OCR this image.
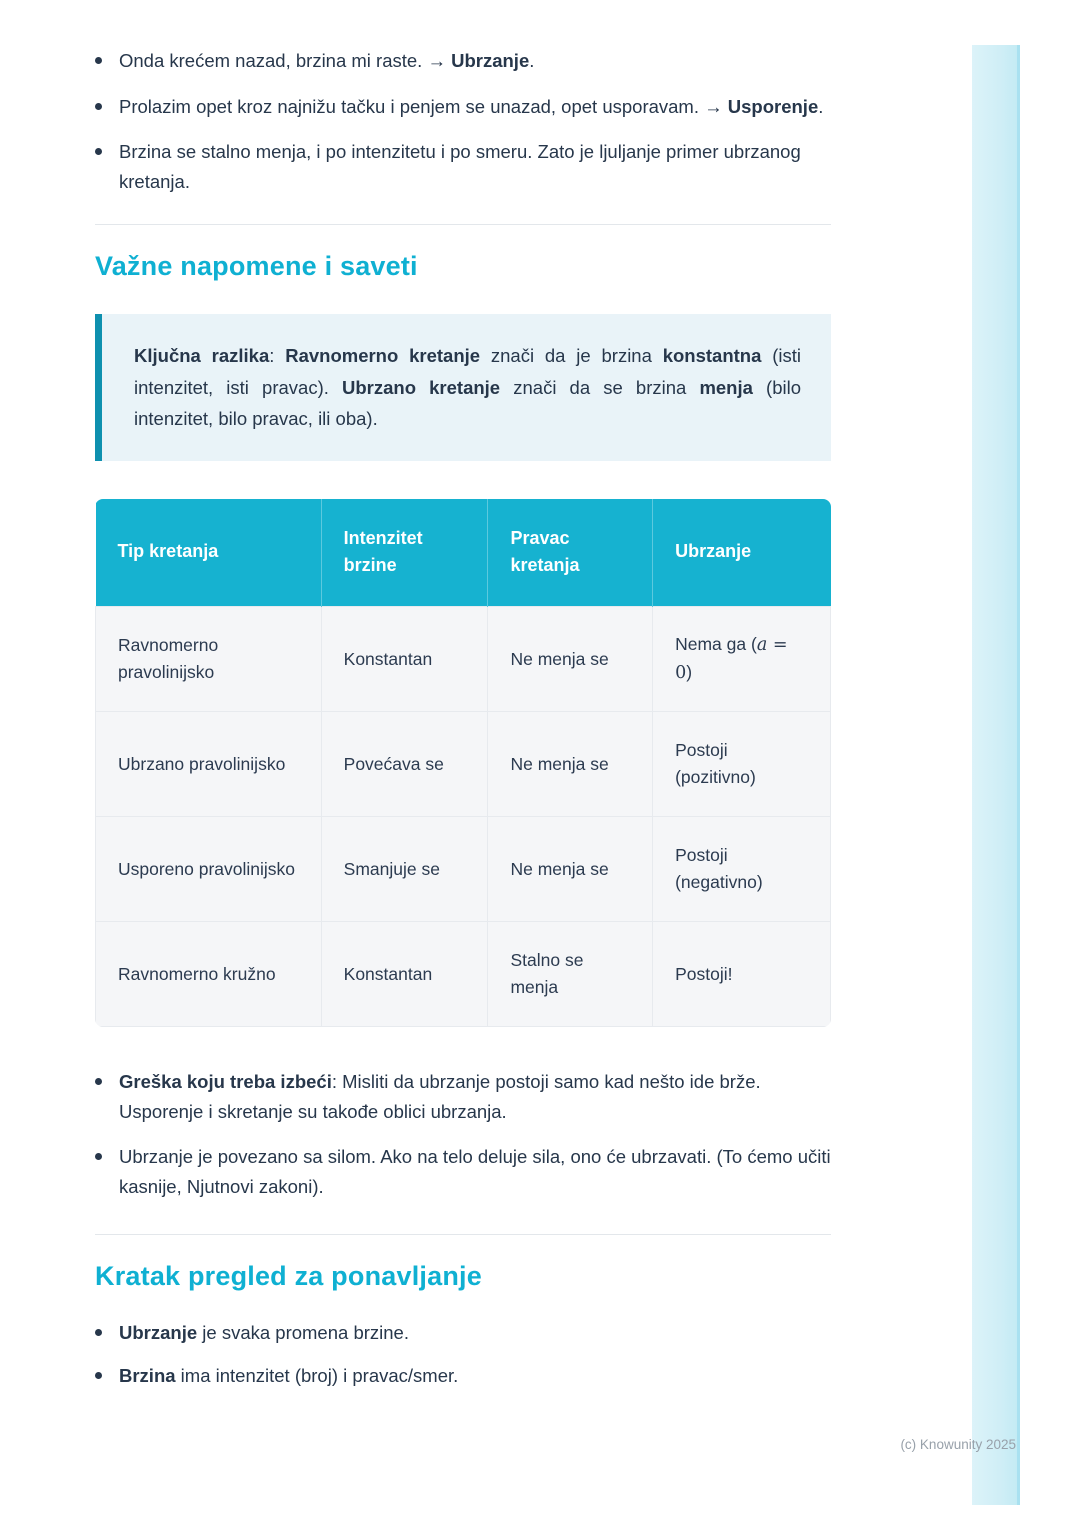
Onda krećem nazad, brzina mi raste. → Ubrzanje.
Prolazim opet kroz najnižu tačku i penjem se unazad, opet usporavam. → Usporenje.
Brzina se stalno menja, i po intenzitetu i po smeru. Zato je ljuljanje primer ubrzanog kretanja.
Važne napomene i saveti

Ključna razlika: Ravnomerno kretanje znači da je brzina konstantna (isti intenzitet, isti pravac). Ubrzano kretanje znači da se brzina menja (bilo intenzitet, bilo pravac, ili oba).

Tip kretanja	Intenzitet brzine	Pravac kretanja	Ubrzanje
Ravnomerno pravolinijsko	Konstantan	Ne menja se	Nema ga (a = 0)
Ubrzano pravolinijsko	Povećava se	Ne menja se	Postoji (pozitivno)
Usporeno pravolinijsko	Smanjuje se	Ne menja se	Postoji (negativno)
Ravnomerno kružno	Konstantan	Stalno se menja	Postoji!
Greška koju treba izbeći: Misliti da ubrzanje postoji samo kad nešto ide brže. Usporenje i skretanje su takođe oblici ubrzanja.
Ubrzanje je povezano sa silom. Ako na telo deluje sila, ono će ubrzavati. (To ćemo učiti kasnije, Njutnovi zakoni).
Kratak pregled za ponavljanje
Ubrzanje je svaka promena brzine.
Brzina ima intenzitet (broj) i pravac/smer.
(c) Knowunity 2025
